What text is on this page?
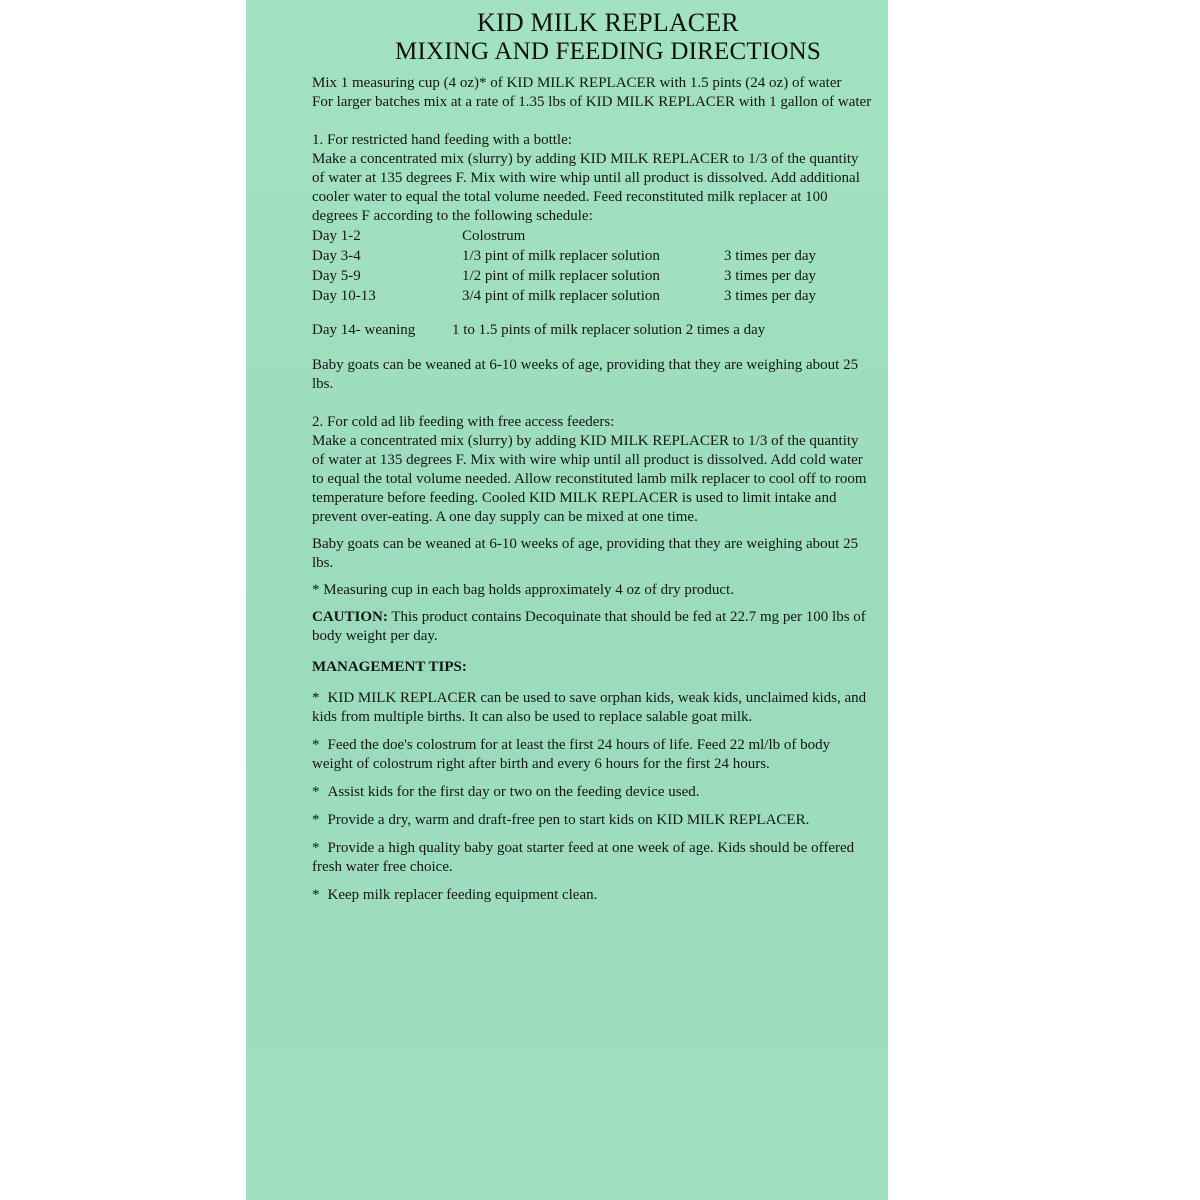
KID MILK REPLACER
MIXING AND FEEDING DIRECTIONS

Mix 1 measuring cup (4 oz)* of KID MILK REPLACER with 1.5 pints (24 oz) of water

For larger batches mix at a rate of 1.35 lbs of KID MILK REPLACER with 1 gallon of water

1. For restricted hand feeding with a bottle:

Make a concentrated mix (slurry) by adding KID MILK REPLACER to 1/3 of the quantity of water at 135 degrees F. Mix with wire whip until all product is dissolved. Add additional cooler water to equal the total volume needed. Feed reconstituted milk replacer at 100 degrees F according to the following schedule:

Day 1-2	Colostrum
Day 3-4	1/3 pint of milk replacer solution	3 times per day
Day 5-9	1/2 pint of milk replacer solution	3 times per day
Day 10-13	3/4 pint of milk replacer solution	3 times per day
Day 14- weaning	1 to 1.5 pints of milk replacer solution 2 times a day

Baby goats can be weaned at 6-10 weeks of age, providing that they are weighing about 25 lbs.

2. For cold ad lib feeding with free access feeders:

Make a concentrated mix (slurry) by adding KID MILK REPLACER to 1/3 of the quantity of water at 135 degrees F. Mix with wire whip until all product is dissolved. Add cold water to equal the total volume needed. Allow reconstituted lamb milk replacer to cool off to room temperature before feeding. Cooled KID MILK REPLACER is used to limit intake and prevent over-eating. A one day supply can be mixed at one time.

Baby goats can be weaned at 6-10 weeks of age, providing that they are weighing about 25 lbs.

* Measuring cup in each bag holds approximately 4 oz of dry product.

CAUTION: This product contains Decoquinate that should be fed at 22.7 mg per 100 lbs of body weight per day.

MANAGEMENT TIPS:

* KID MILK REPLACER can be used to save orphan kids, weak kids, unclaimed kids, and kids from multiple births. It can also be used to replace salable goat milk.

* Feed the doe's colostrum for at least the first 24 hours of life. Feed 22 ml/lb of body weight of colostrum right after birth and every 6 hours for the first 24 hours.

* Assist kids for the first day or two on the feeding device used.

* Provide a dry, warm and draft-free pen to start kids on KID MILK REPLACER.

* Provide a high quality baby goat starter feed at one week of age. Kids should be offered fresh water free choice.

* Keep milk replacer feeding equipment clean.
